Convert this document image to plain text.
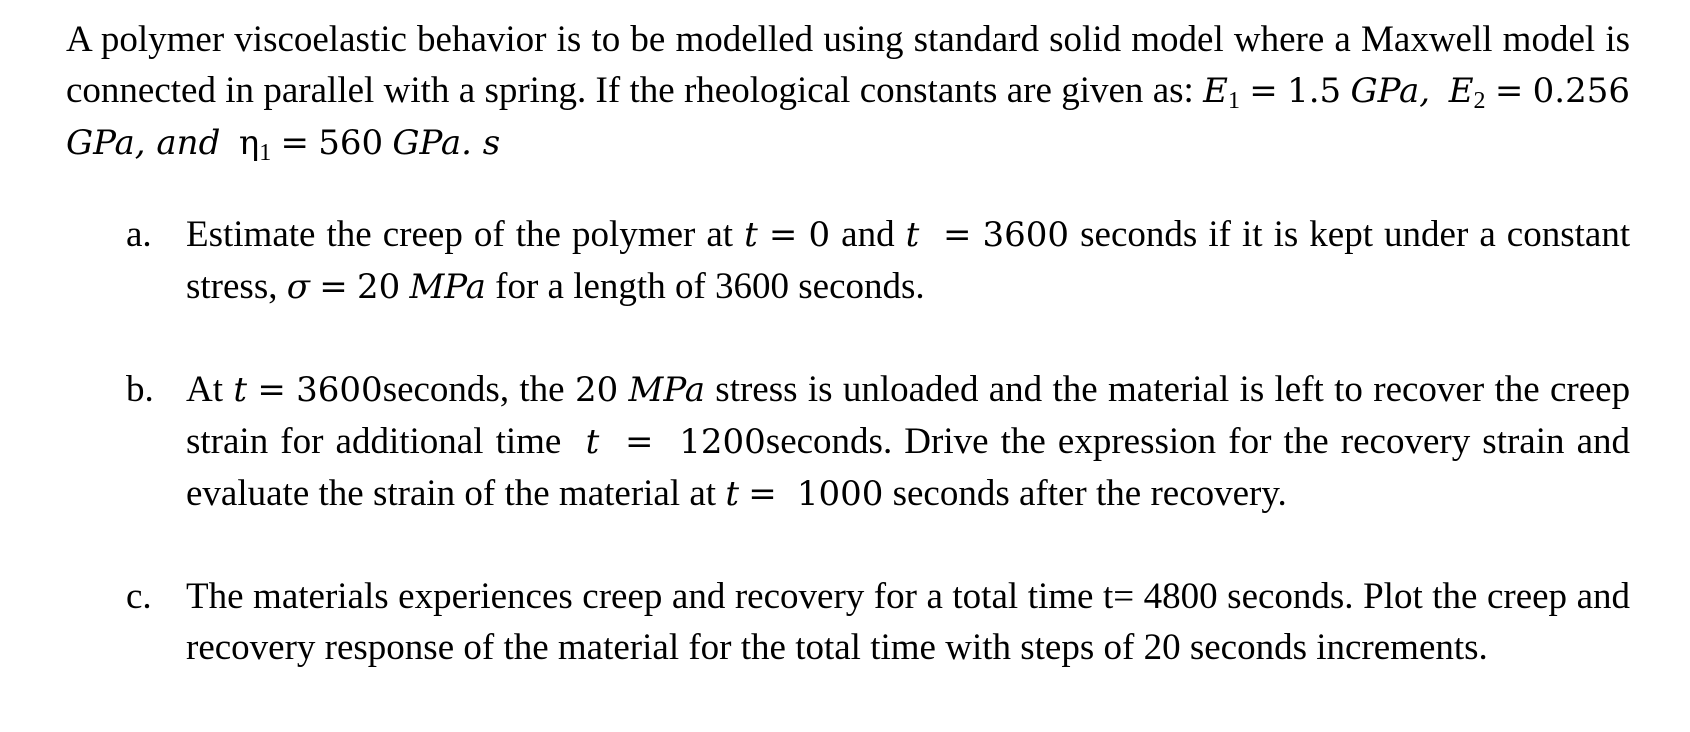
A polymer viscoelastic behavior is to be modelled using standard solid model where a Maxwell model is connected in parallel with a spring. If the rheological constants are given as: $E_1 = 1.5$ GPa, $E_2 = 0.256$ GPa, and $\eta_1 = 560$ GPa. s

a. Estimate the creep of the polymer at t = 0 and t  = 3600 seconds if it is kept under a constant stress, σ = 20 MPa for a length of 3600 seconds.

b. At t = 3600seconds, the 20 MPa stress is unloaded and the material is left to recover the creep strain for additional time t  =  1200seconds. Drive the expression for the recovery strain and evaluate the strain of the material at t =  1000 seconds after the recovery.

c. The materials experiences creep and recovery for a total time t= 4800 seconds. Plot the creep and recovery response of the material for the total time with steps of 20 seconds increments.
